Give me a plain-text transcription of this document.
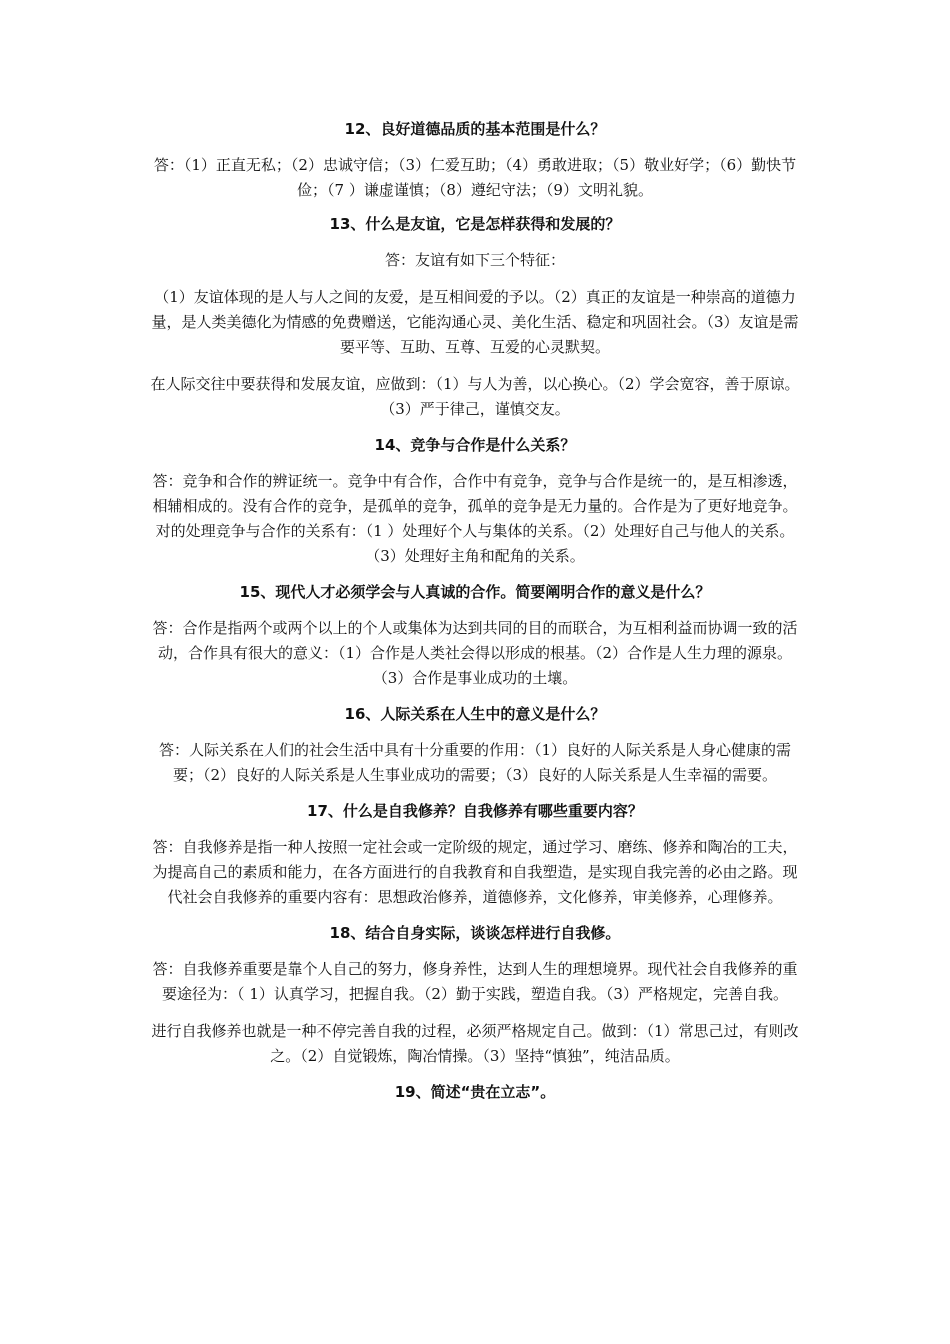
12、良好道德品质的基本范围是什么？

答：（1）正直无私；（2）忠诚守信；（3）仁爱互助；（4）勇敢进取；（5）敬业好学；（6）勤快节俭；（7 ）谦虚谨慎；（8）遵纪守法；（9）文明礼貌。

13、什么是友谊，它是怎样获得和发展的？

答：友谊有如下三个特征：

（1）友谊体现的是人与人之间的友爱，是互相间爱的予以。（2）真正的友谊是一种崇高的道德力量，是人类美德化为情感的免费赠送，它能沟通心灵、美化生活、稳定和巩固社会。（3）友谊是需要平等、互助、互尊、互爱的心灵默契。

在人际交往中要获得和发展友谊，应做到：（1）与人为善，以心换心。（2）学会宽容，善于原谅。（3）严于律己，谨慎交友。

14、竞争与合作是什么关系？

答：竞争和合作的辨证统一。竞争中有合作，合作中有竞争，竞争与合作是统一的，是互相渗透，相辅相成的。没有合作的竞争，是孤单的竞争，孤单的竞争是无力量的。合作是为了更好地竞争。对的处理竞争与合作的关系有：（1 ）处理好个人与集体的关系。（2）处理好自己与他人的关系。（3）处理好主角和配角的关系。

15、现代人才必须学会与人真诚的合作。简要阐明合作的意义是什么？

答：合作是指两个或两个以上的个人或集体为达到共同的目的而联合，为互相利益而协调一致的活动，合作具有很大的意义：（1）合作是人类社会得以形成的根基。（2）合作是人生力理的源泉。（3）合作是事业成功的土壤。

16、人际关系在人生中的意义是什么？

答：人际关系在人们的社会生活中具有十分重要的作用：（1）良好的人际关系是人身心健康的需要；（2）良好的人际关系是人生事业成功的需要；（3）良好的人际关系是人生幸福的需要。

17、什么是自我修养？自我修养有哪些重要内容？

答：自我修养是指一种人按照一定社会或一定阶级的规定，通过学习、磨练、修养和陶冶的工夫，为提高自己的素质和能力，在各方面进行的自我教育和自我塑造，是实现自我完善的必由之路。现代社会自我修养的重要内容有：思想政治修养，道德修养，文化修养，审美修养，心理修养。

18、结合自身实际，谈谈怎样进行自我修。

答：自我修养重要是靠个人自己的努力，修身养性，达到人生的理想境界。现代社会自我修养的重要途径为：（ 1）认真学习，把握自我。（2）勤于实践，塑造自我。（3）严格规定，完善自我。

进行自我修养也就是一种不停完善自我的过程，必须严格规定自己。做到：（1）常思己过，有则改之。（2）自觉锻炼，陶冶情操。（3）坚持“慎独”，纯洁品质。

19、简述“贵在立志”。
